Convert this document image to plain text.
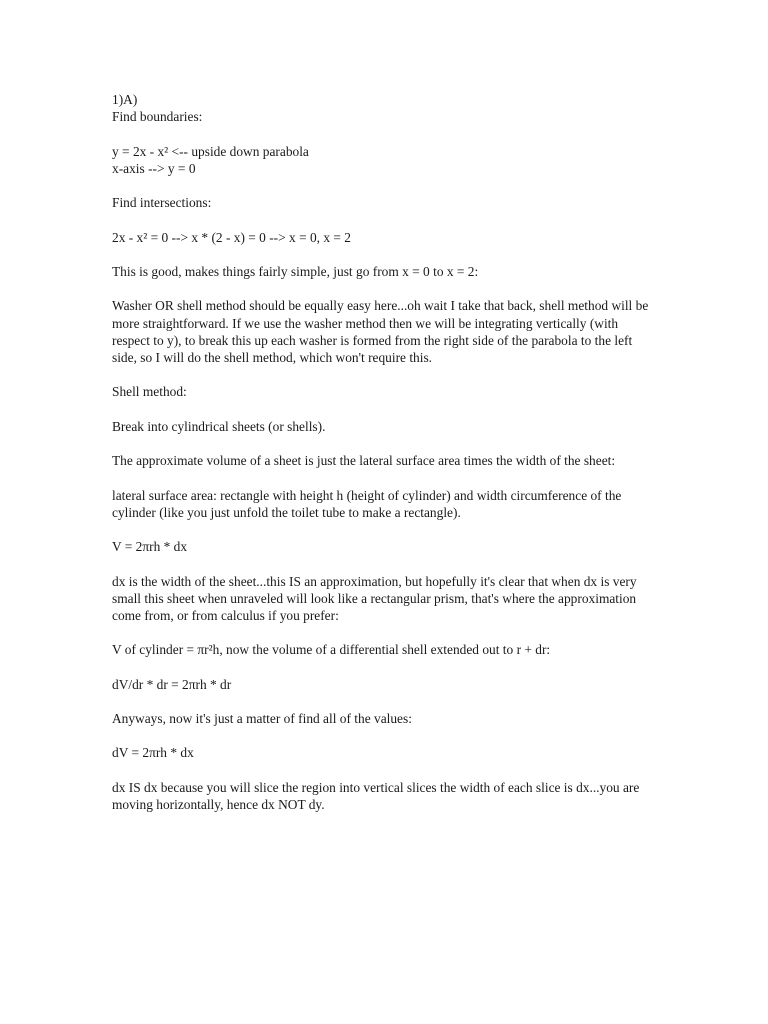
1)A)

Find boundaries:

y = 2x - x² <-- upside down parabola

x-axis --> y = 0

Find intersections:

2x - x² = 0 --> x * (2 - x) = 0 --> x = 0, x = 2

This is good, makes things fairly simple, just go from x = 0 to x = 2:

Washer OR shell method should be equally easy here...oh wait I take that back, shell method will be more straightforward. If we use the washer method then we will be integrating vertically (with respect to y), to break this up each washer is formed from the right side of the parabola to the left side, so I will do the shell method, which won't require this.

Shell method:

Break into cylindrical sheets (or shells).

The approximate volume of a sheet is just the lateral surface area times the width of the sheet:

lateral surface area: rectangle with height h (height of cylinder) and width circumference of the cylinder (like you just unfold the toilet tube to make a rectangle).

V = 2πrh * dx

dx is the width of the sheet...this IS an approximation, but hopefully it's clear that when dx is very small this sheet when unraveled will look like a rectangular prism, that's where the approximation come from, or from calculus if you prefer:

V of cylinder = πr²h, now the volume of a differential shell extended out to r + dr:

dV/dr * dr = 2πrh * dr

Anyways, now it's just a matter of find all of the values:

dV = 2πrh * dx

dx IS dx because you will slice the region into vertical slices the width of each slice is dx...you are moving horizontally, hence dx NOT dy.
